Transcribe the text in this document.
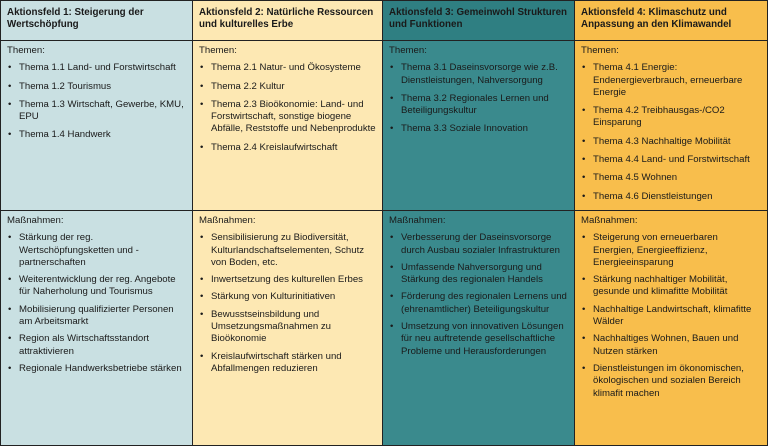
Aktionsfeld 1: Steigerung der Wertschöpfung
Aktionsfeld 2: Natürliche Ressourcen und kulturelles Erbe
Aktionsfeld 3: Gemeinwohl Strukturen und Funktionen
Aktionsfeld 4: Klimaschutz und Anpassung an den Klimawandel
Themen:
• Thema 1.1 Land- und Forstwirtschaft
• Thema 1.2 Tourismus
• Thema 1.3 Wirtschaft, Gewerbe, KMU, EPU
• Thema 1.4 Handwerk
Themen:
• Thema 2.1 Natur- und Ökosysteme
• Thema 2.2 Kultur
• Thema 2.3 Bioökonomie: Land- und Forstwirtschaft, sonstige biogene Abfälle, Reststoffe und Nebenprodukte
• Thema 2.4 Kreislaufwirtschaft
Themen:
• Thema 3.1 Daseinsvorsorge wie z.B. Dienstleistungen, Nahversorgung
• Thema 3.2 Regionales Lernen und Beteiligungskultur
• Thema 3.3 Soziale Innovation
Themen:
• Thema 4.1 Energie: Endenergieverbrauch, erneuerbare Energie
• Thema 4.2 Treibhausgas-/CO2 Einsparung
• Thema 4.3 Nachhaltige Mobilität
• Thema 4.4 Land- und Forstwirtschaft
• Thema 4.5 Wohnen
• Thema 4.6 Dienstleistungen
Maßnahmen:
• Stärkung der reg. Wertschöpfungsketten und -partnerschaften
• Weiterentwicklung der reg. Angebote für Naherholung und Tourismus
• Mobilisierung qualifizierter Personen am Arbeitsmarkt
• Region als Wirtschaftsstandort attraktivieren
• Regionale Handwerksbetriebe stärken
Maßnahmen:
• Sensibilisierung zu Biodiversität, Kulturlandschaftselementen, Schutz von Boden, etc.
• Inwertsetzung des kulturellen Erbes
• Stärkung von Kulturinitiativen
• Bewusstseinsbildung und Umsetzungsmaßnahmen zu Bioökonomie
• Kreislaufwirtschaft stärken und Abfallmengen reduzieren
Maßnahmen:
• Verbesserung der Daseinsvorsorge durch Ausbau sozialer Infrastrukturen
• Umfassende Nahversorgung und Stärkung des regionalen Handels
• Förderung des regionalen Lernens und (ehrenamtlicher) Beteiligungskultur
• Umsetzung von innovativen Lösungen für neu auftretende gesellschaftliche Probleme und Herausforderungen
Maßnahmen:
• Steigerung von erneuerbaren Energien, Energieeffizienz, Energieeinsparung
• Stärkung nachhaltiger Mobilität, gesunde und klimafitte Mobilität
• Nachhaltige Landwirtschaft, klimafitte Wälder
• Nachhaltiges Wohnen, Bauen und Nutzen stärken
• Dienstleistungen im ökonomischen, ökologischen und sozialen Bereich klimafit machen
